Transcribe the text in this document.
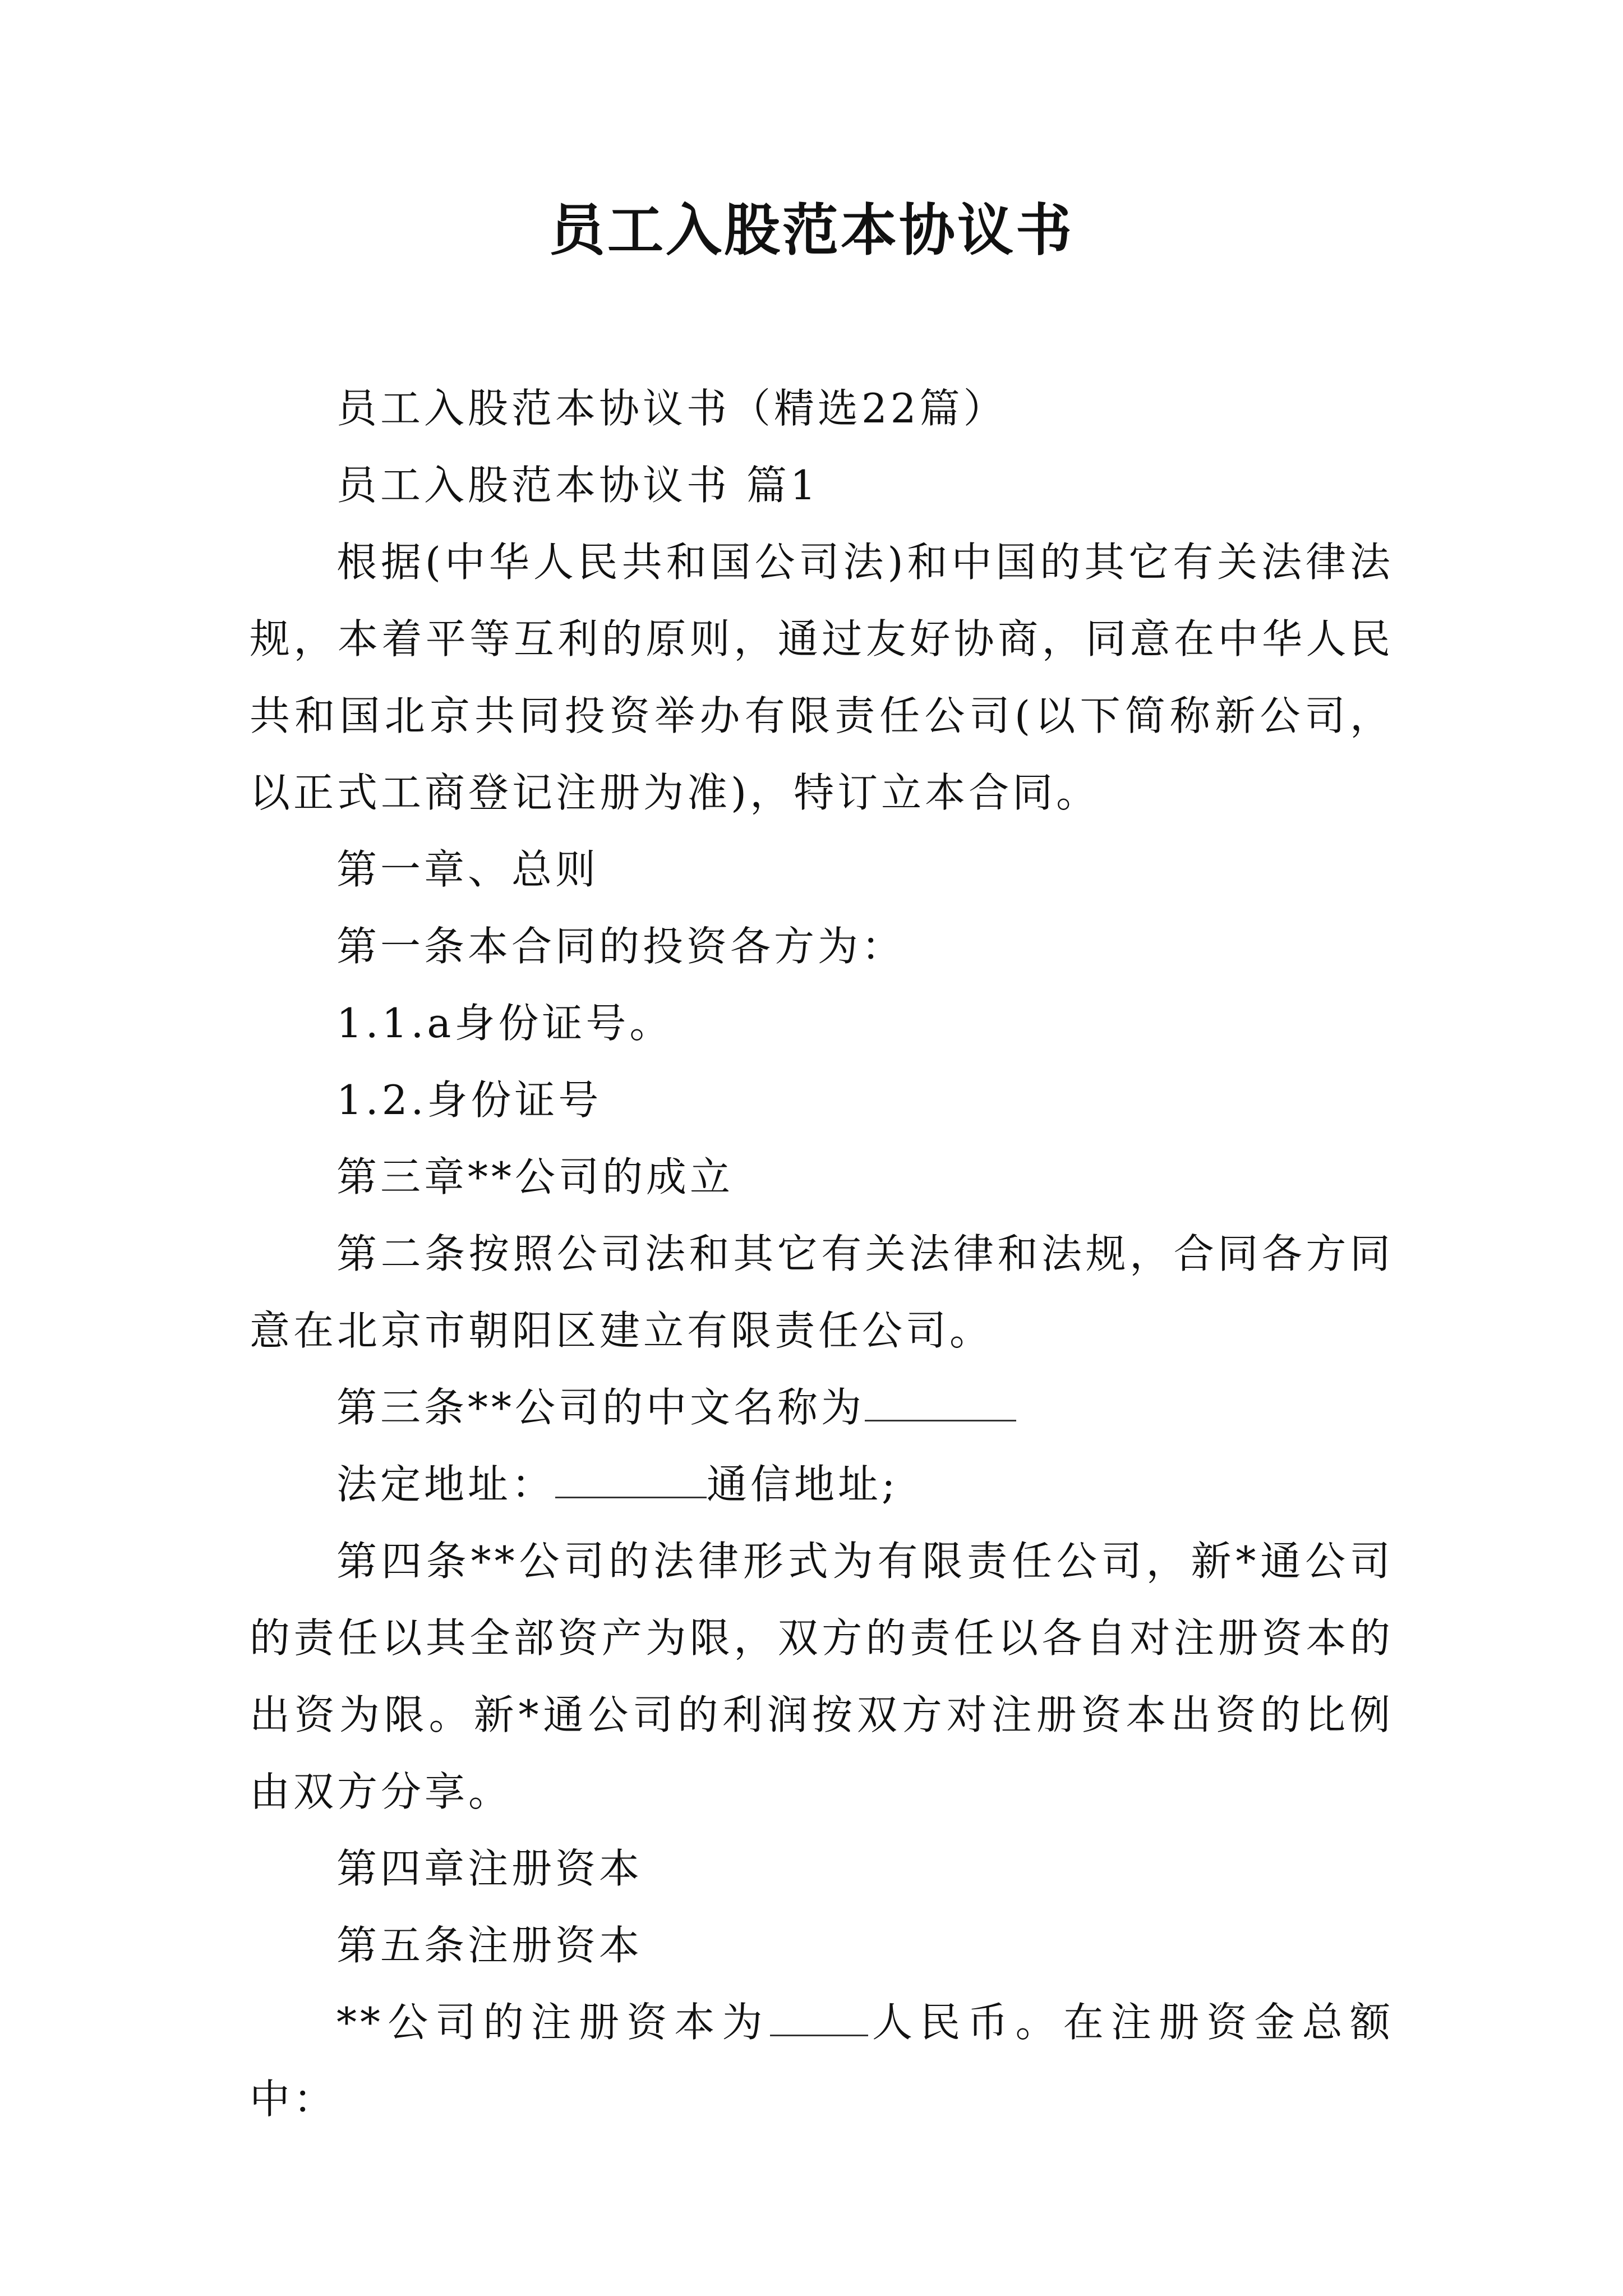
员工入股范本协议书

员工入股范本协议书（精选22篇）

员工入股范本协议书 篇1

根据(中华人民共和国公司法)和中国的其它有关法律法规，本着平等互利的原则，通过友好协商，同意在中华人民共和国北京共同投资举办有限责任公司(以下简称新公司，以正式工商登记注册为准)，特订立本合同。

第一章、总则

第一条本合同的投资各方为：

1.1.a身份证号。

1.2.身份证号

第三章**公司的成立

第二条按照公司法和其它有关法律和法规，合同各方同意在北京市朝阳区建立有限责任公司。

第三条**公司的中文名称为

法定地址：	通信地址;

第四条**公司的法律形式为有限责任公司，新*通公司的责任以其全部资产为限，双方的责任以各自对注册资本的出资为限。新*通公司的利润按双方对注册资本出资的比例由双方分享。

第四章注册资本

第五条注册资本

**公司的注册资本为 人民币。在注册资金总额中：
